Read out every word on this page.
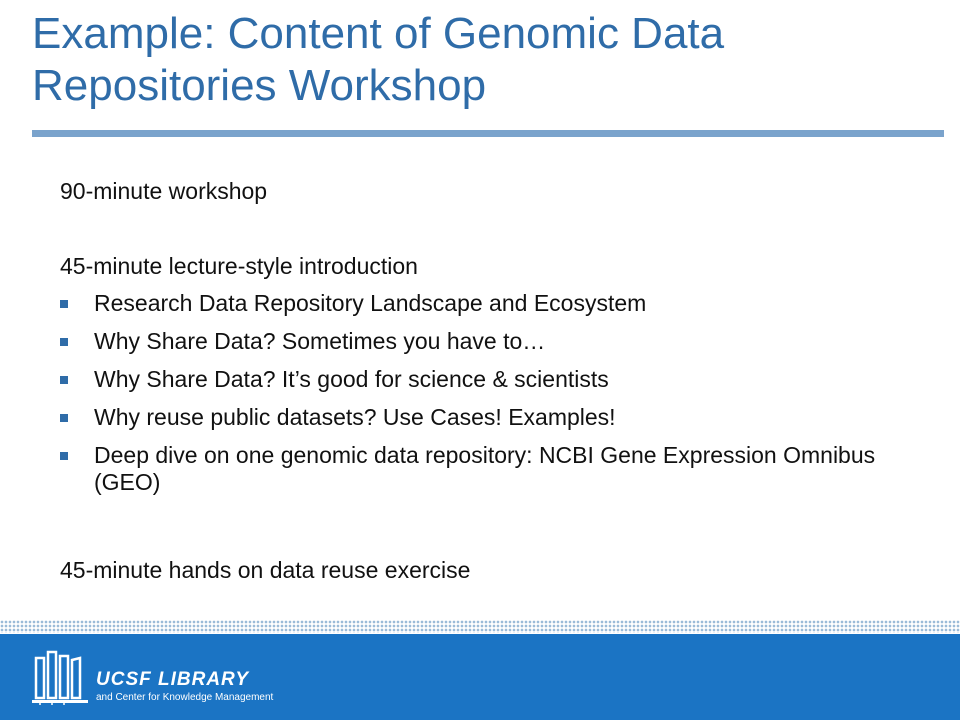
Example: Content of Genomic Data Repositories Workshop
90-minute workshop
45-minute lecture-style introduction
Research Data Repository Landscape and Ecosystem
Why Share Data? Sometimes you have to…
Why Share Data? It’s good for science & scientists
Why reuse public datasets? Use Cases! Examples!
Deep dive on one genomic data repository: NCBI Gene Expression Omnibus (GEO)
45-minute hands on data reuse exercise
UCSF LIBRARY
and Center for Knowledge Management
